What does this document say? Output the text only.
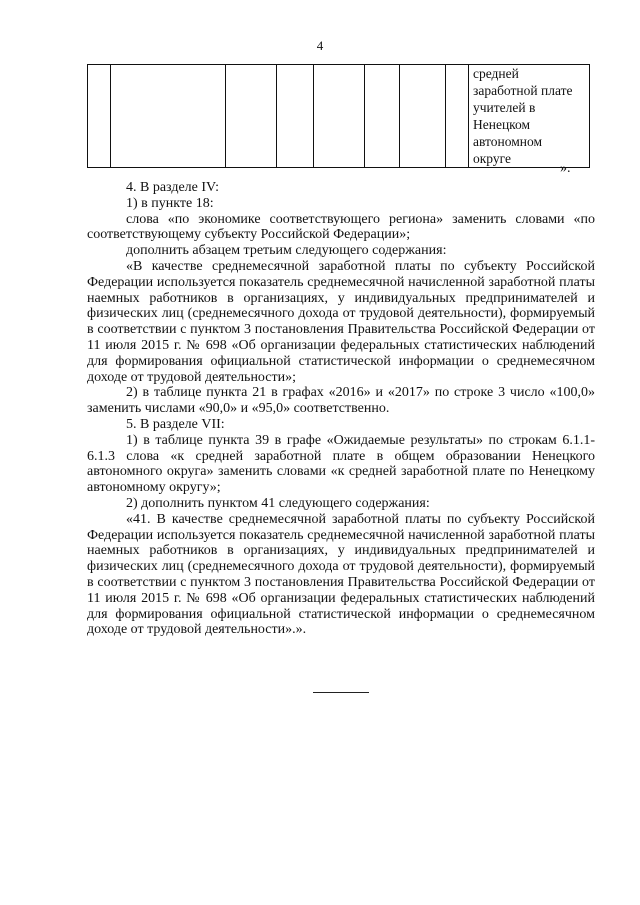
4

средней
заработной плате
учителей в
Ненецком
автономном
округе
».

4. В разделе IV:

1) в пункте 18:

слова «по экономике соответствующего региона» заменить словами «по соответствующему субъекту Российской Федерации»;

дополнить абзацем третьим следующего содержания:

«В качестве среднемесячной заработной платы по субъекту Российской Федерации используется показатель среднемесячной начисленной заработной платы наемных работников в организациях, у индивидуальных предпринимателей и физических лиц (среднемесячного дохода от трудовой деятельности), формируемый в соответствии с пунктом 3 постановления Правительства Российской Федерации от 11 июля 2015 г. № 698 «Об организации федеральных статистических наблюдений для формирования официальной статистической информации о среднемесячном доходе от трудовой деятельности»;

2) в таблице пункта 21 в графах «2016» и «2017» по строке 3 число «100,0» заменить числами «90,0» и «95,0» соответственно.

5. В разделе VII:

1) в таблице пункта 39 в графе «Ожидаемые результаты» по строкам 6.1.1-6.1.3 слова «к средней заработной плате в общем образовании Ненецкого автономного округа» заменить словами «к средней заработной плате по Ненецкому автономному округу»;

2) дополнить пунктом 41 следующего содержания:

«41. В качестве среднемесячной заработной платы по субъекту Российской Федерации используется показатель среднемесячной начисленной заработной платы наемных работников в организациях, у индивидуальных предпринимателей и физических лиц (среднемесячного дохода от трудовой деятельности), формируемый в соответствии с пунктом 3 постановления Правительства Российской Федерации от 11 июля 2015 г. № 698 «Об организации федеральных статистических наблюдений для формирования официальной статистической информации о среднемесячном доходе от трудовой деятельности».».
